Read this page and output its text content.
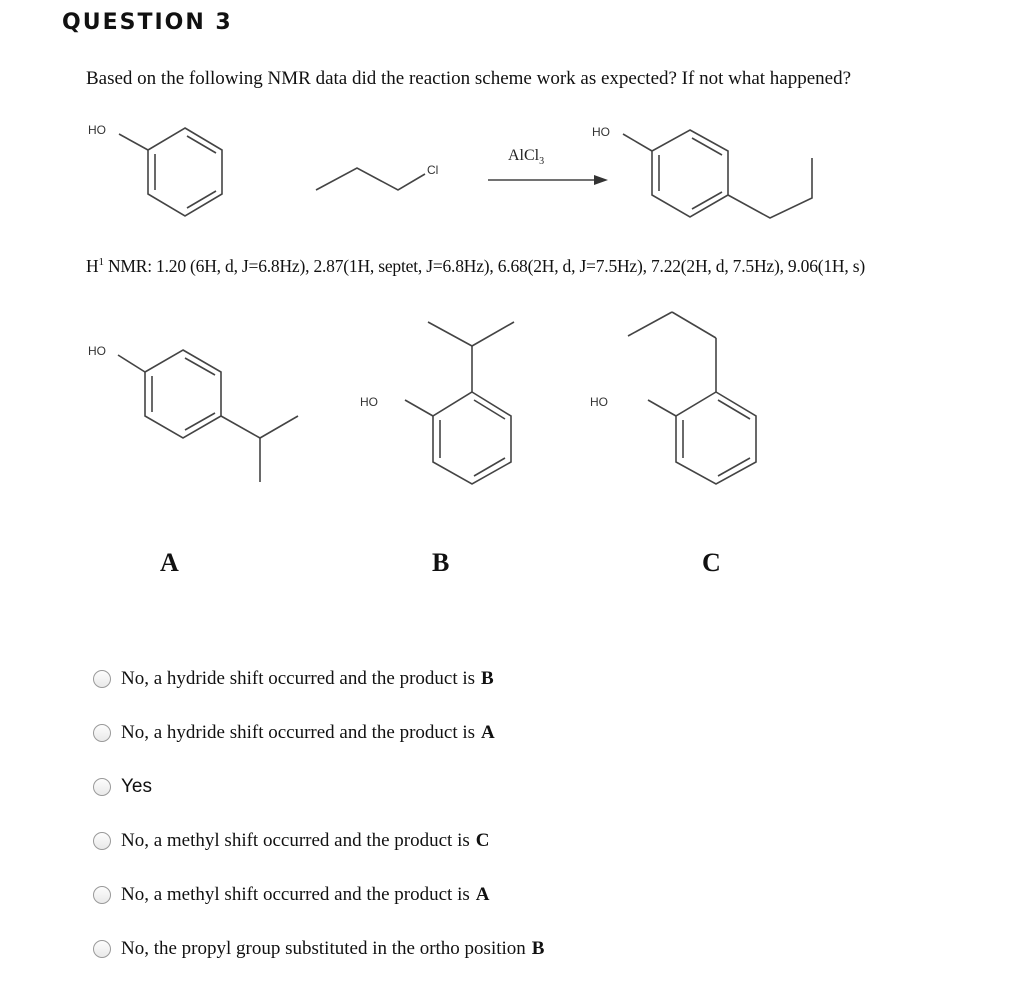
QUESTION 3
Based on the following NMR data did the reaction scheme work as expected? If not what happened?
HO
Cl
AlCl$_3$
HO
HO
HO	HO
$H^1$ NMR: 1.20 (6H, d, J=6.8Hz), 2.87(1H, septet, J=6.8Hz), 6.68(2H, d, J=7.5Hz), 7.22(2H, d, 7.5Hz), 9.06(1H, s)
A	B	C
No, a hydride shift occurred and the product is B
No, a hydride shift occurred and the product is A
Yes
No, a methyl shift occurred and the product is C
No, a methyl shift occurred and the product is A
No, the propyl group substituted in the ortho position B
